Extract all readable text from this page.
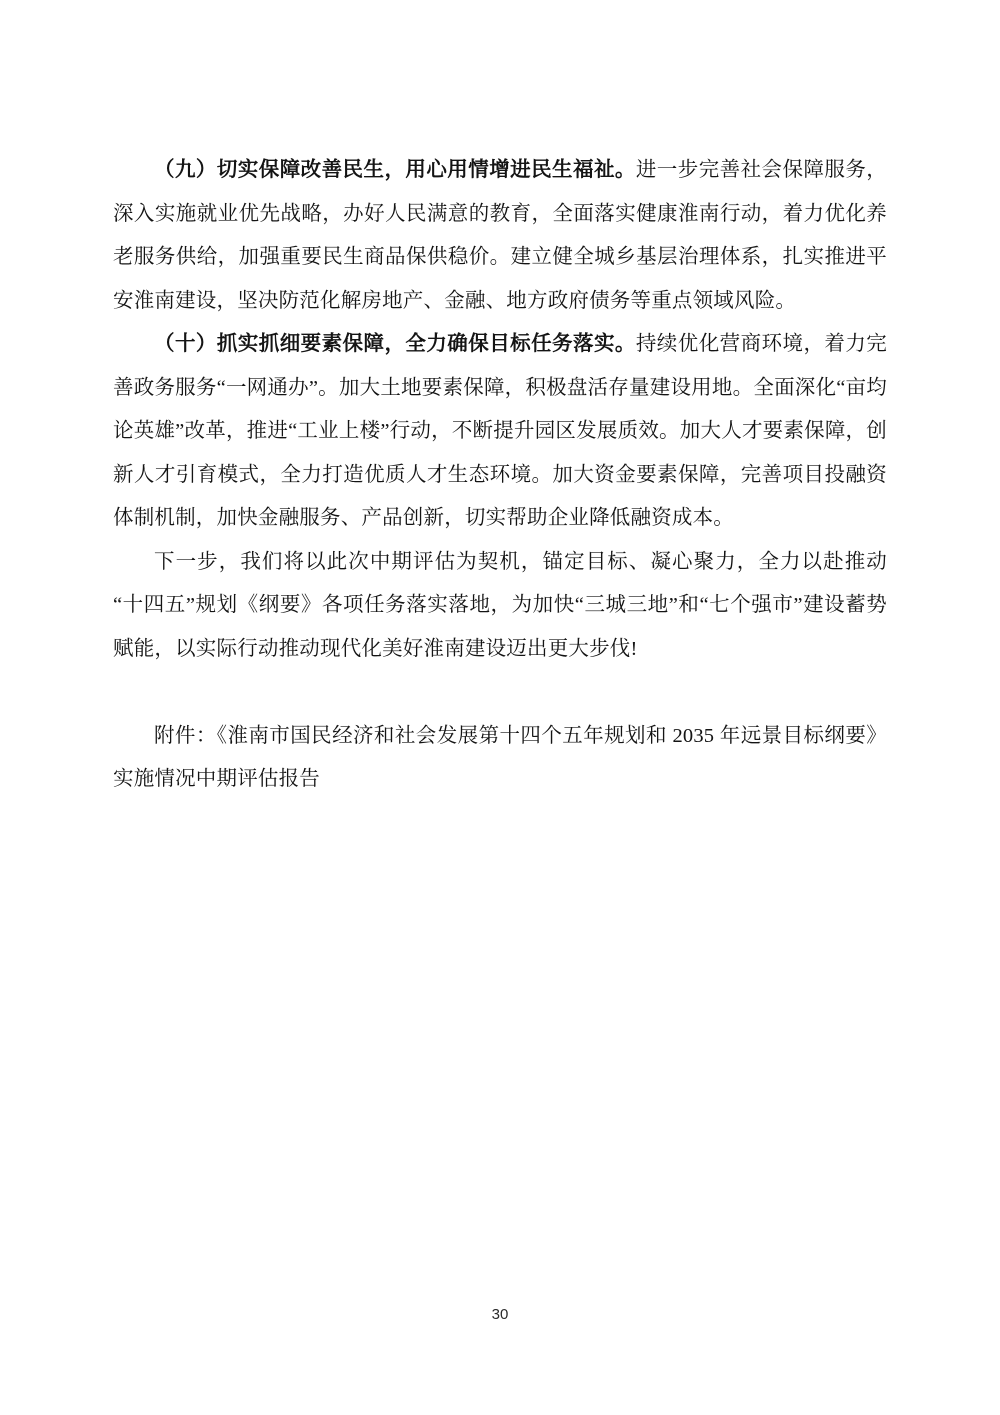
（九）切实保障改善民生，用心用情增进民生福祉。进一步完善社会保障服务，深入实施就业优先战略，办好人民满意的教育，全面落实健康淮南行动，着力优化养老服务供给，加强重要民生商品保供稳价。建立健全城乡基层治理体系，扎实推进平安淮南建设，坚决防范化解房地产、金融、地方政府债务等重点领域风险。

（十）抓实抓细要素保障，全力确保目标任务落实。持续优化营商环境，着力完善政务服务“一网通办”。加大土地要素保障，积极盘活存量建设用地。全面深化“亩均论英雄”改革，推进“工业上楼”行动，不断提升园区发展质效。加大人才要素保障，创新人才引育模式，全力打造优质人才生态环境。加大资金要素保障，完善项目投融资体制机制，加快金融服务、产品创新，切实帮助企业降低融资成本。

下一步，我们将以此次中期评估为契机，锚定目标、凝心聚力，全力以赴推动“十四五”规划《纲要》各项任务落实落地，为加快“三城三地”和“七个强市”建设蓄势赋能，以实际行动推动现代化美好淮南建设迈出更大步伐!

附件：《淮南市国民经济和社会发展第十四个五年规划和 2035 年远景目标纲要》实施情况中期评估报告

30
